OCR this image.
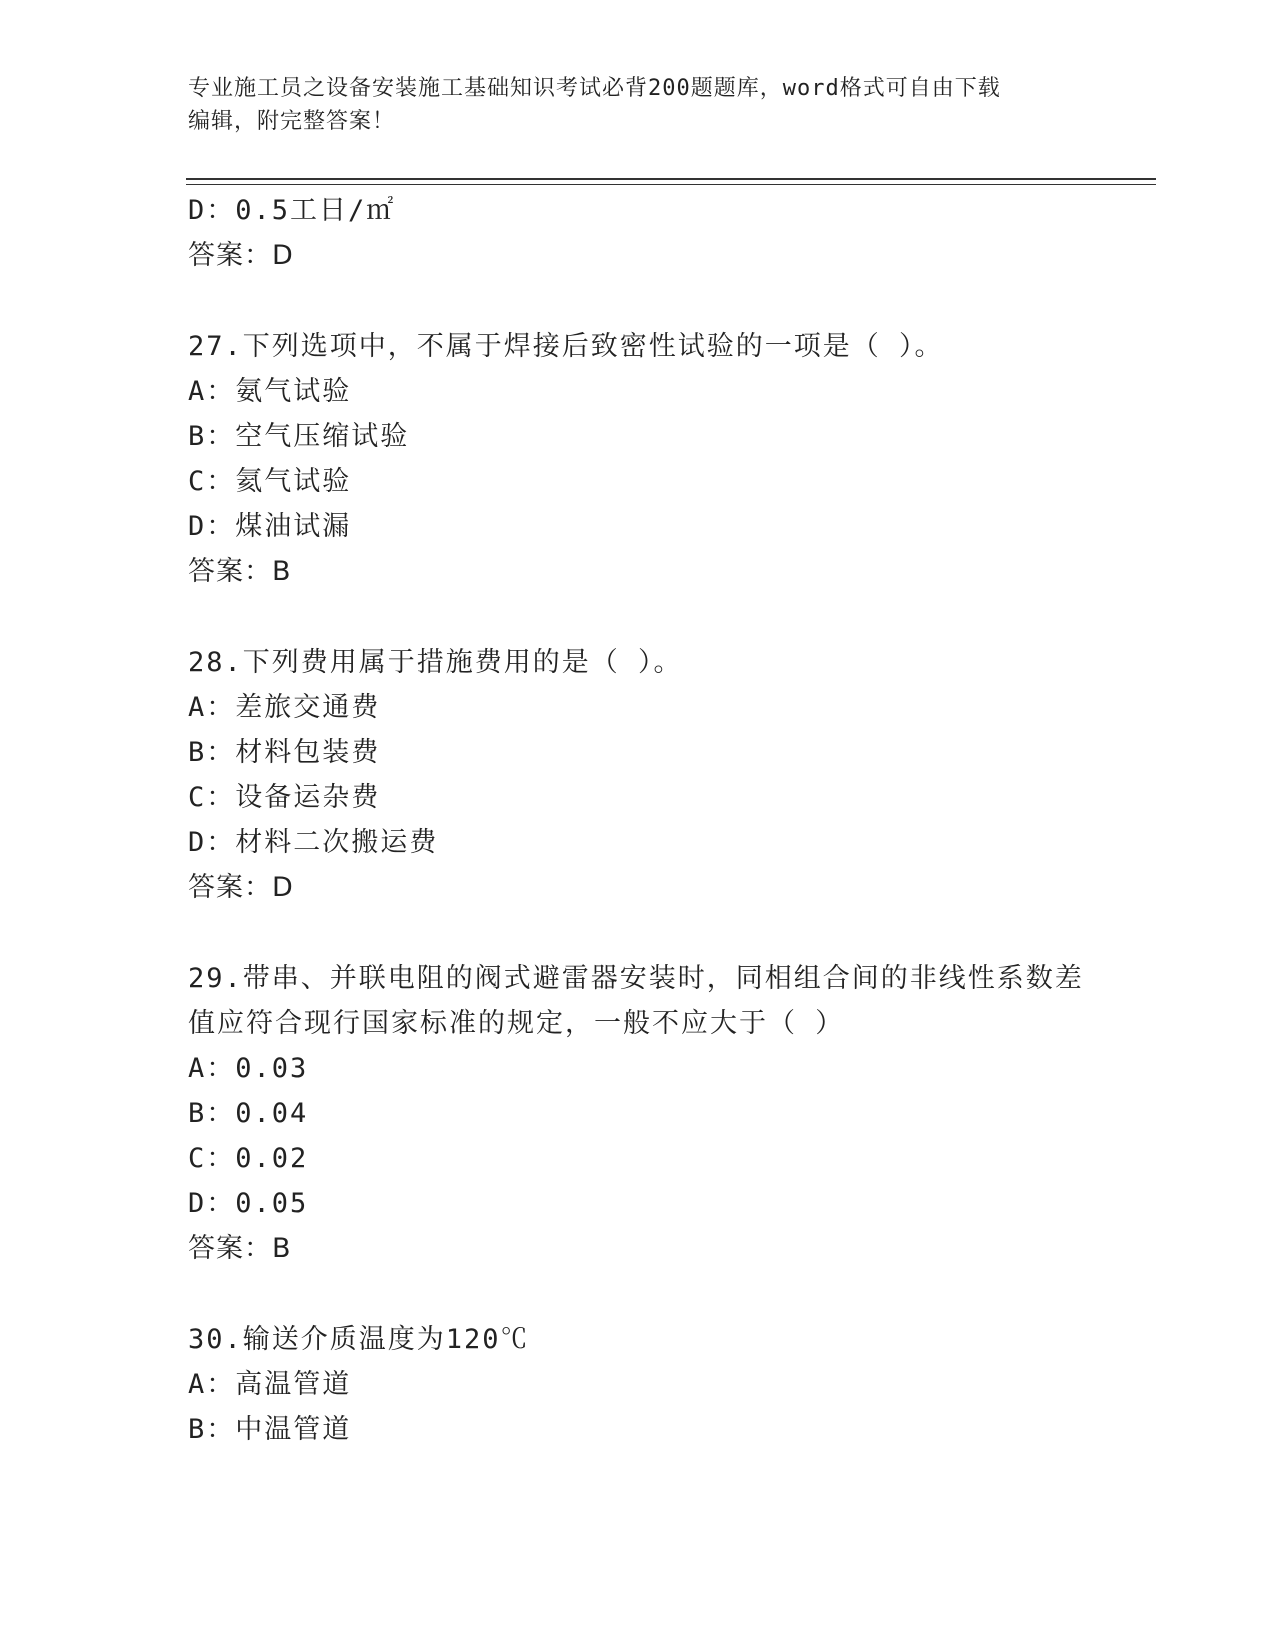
专业施工员之设备安装施工基础知识考试必背200题题库，word格式可自由下载
编辑，附完整答案！
D：0.5工日/㎡
答案：D
27.下列选项中，不属于焊接后致密性试验的一项是（ ）。
A：氨气试验
B：空气压缩试验
C：氦气试验
D：煤油试漏
答案：B
28.下列费用属于措施费用的是（ ）。
A：差旅交通费
B：材料包装费
C：设备运杂费
D：材料二次搬运费
答案：D
29.带串、并联电阻的阀式避雷器安装时，同相组合间的非线性系数差
值应符合现行国家标准的规定，一般不应大于（ ）
A：0.03
B：0.04
C：0.02
D：0.05
答案：B
30.输送介质温度为120℃
A：高温管道
B：中温管道
